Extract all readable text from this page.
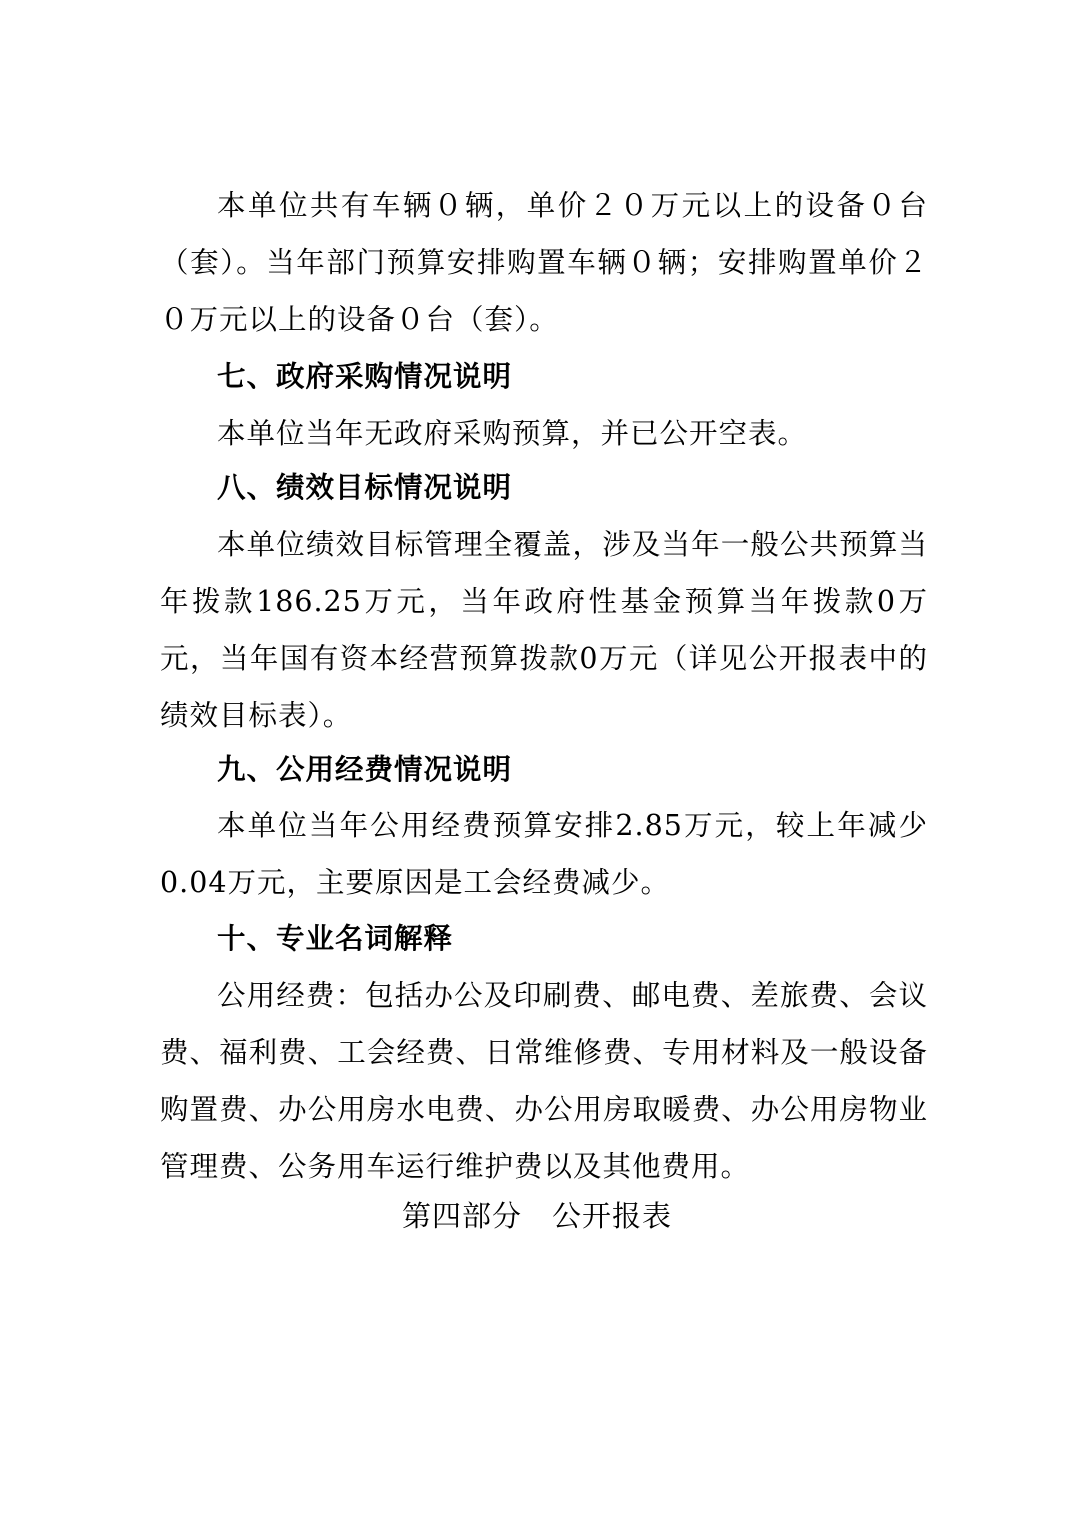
本单位共有车辆０辆，单价２０万元以上的设备０台（套）。当年部门预算安排购置车辆０辆；安排购置单价２０万元以上的设备０台（套）。

七、政府采购情况说明

本单位当年无政府采购预算，并已公开空表。

八、绩效目标情况说明

本单位绩效目标管理全覆盖，涉及当年一般公共预算当年拨款186.25万元，当年政府性基金预算当年拨款0万元，当年国有资本经营预算拨款0万元（详见公开报表中的绩效目标表）。

九、公用经费情况说明

本单位当年公用经费预算安排2.85万元，较上年减少0.04万元，主要原因是工会经费减少。

十、专业名词解释

公用经费：包括办公及印刷费、邮电费、差旅费、会议费、福利费、工会经费、日常维修费、专用材料及一般设备购置费、办公用房水电费、办公用房取暖费、办公用房物业管理费、公务用车运行维护费以及其他费用。

第四部分　公开报表
